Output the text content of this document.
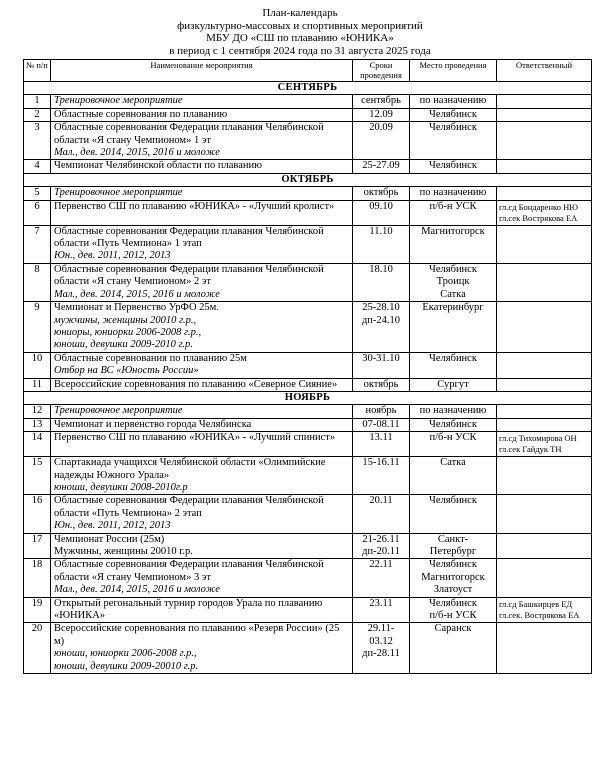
План-календарь
физкультурно-массовых и спортивных мероприятий
МБУ ДО «СШ по плаванию «ЮНИКА»
в период с 1 сентября 2024 года по 31 августа 2025 года
№ п/п	Наименование мероприятия	Сроки проведения	Место проведения	Ответственный
СЕНТЯБРЬ				
1	Тренировочное мероприятие	сентябрь	по назначению	

2	Областные соревнования по плаванию	12.09	Челябинск	

3	Областные соревнования Федерации плавания Челябинской области «Я стану Чемпионом» 1 эт
Мал., дев. 2014, 2015, 2016 и моложе	20.09	Челябинск	

4	Чемпионат Челябинской области по плаванию	25-27.09	Челябинск	

ОКТЯБРЬ				
5	Тренировочное мероприятие	октябрь	по назначению	

6	Первенство СШ по плаванию «ЮНИКА» - «Лучший кролист»	09.10	п/б-н УСК	гл.сд Бондаренко НЮ
гл.сек Вострякова ЕА

7	Областные соревнования Федерации плавания Челябинской области «Путь Чемпиона» 1 этап
Юн., дев. 2011, 2012, 2013	11.10	Магнитогорск	

8	Областные соревнования Федерации плавания Челябинской области «Я стану Чемпионом» 2 эт
Мал., дев. 2014, 2015, 2016 и моложе	18.10	Челябинск
Троицк
Сатка	

9	Чемпионат и Первенство УрФО 25м.
мужчины, женщины 20010 г.р.,
юниоры, юниорки 2006-2008 г.р.,
юноши, девушки 2009-2010 г.р.	25-28.10
дп-24.10	Екатеринбург	

10	Областные соревнования по плаванию 25м
Отбор на ВС «Юность России»	30-31.10	Челябинск	

11	Всероссийские соревнования по плаванию «Северное Сияние»	октябрь	Сургут	

НОЯБРЬ				
12	Тренировочное мероприятие	ноябрь	по назначению	

13	Чемпионат и первенство города Челябинска	07-08.11	Челябинск	

14	Первенство СШ по плаванию «ЮНИКА» - «Лучший спинист»	13.11	п/б-н УСК	гл.сд Тихомирова ОН
гл.сек Гайдук ТН

15	Спартакиада учащихся Челябинской области «Олимпийские надежды Южного Урала»
юноши, девушки 2008-2010г.р	15-16.11	Сатка	

16	Областные соревнования Федерации плавания Челябинской области «Путь Чемпиона» 2 этап
Юн., дев. 2011, 2012, 2013	20.11	Челябинск	

17	Чемпионат России (25м)
Мужчины, женщины 20010 г.р.	21-26.11
дп-20.11	Санкт-
Петербург	

18	Областные соревнования Федерации плавания Челябинской области «Я стану Чемпионом» 3 эт
Мал., дев. 2014, 2015, 2016 и моложе	22.11	Челябинск
Магнитогорск
Златоуст	

19	Открытый регональный турнир городов Урала по плаванию «ЮНИКА»	23.11	Челябинск
п/б-н УСК	гл.сд Башкирцев ЕД
гл.сек. Вострякова ЕА

20	Всероссийские соревнования по плаванию «Резерв России» (25 м)
юноши, юниорки 2006-2008 г.р.,
юноши, девушки 2009-20010 г.р.	29.11-
03.12
дп-28.11	Саранск	
